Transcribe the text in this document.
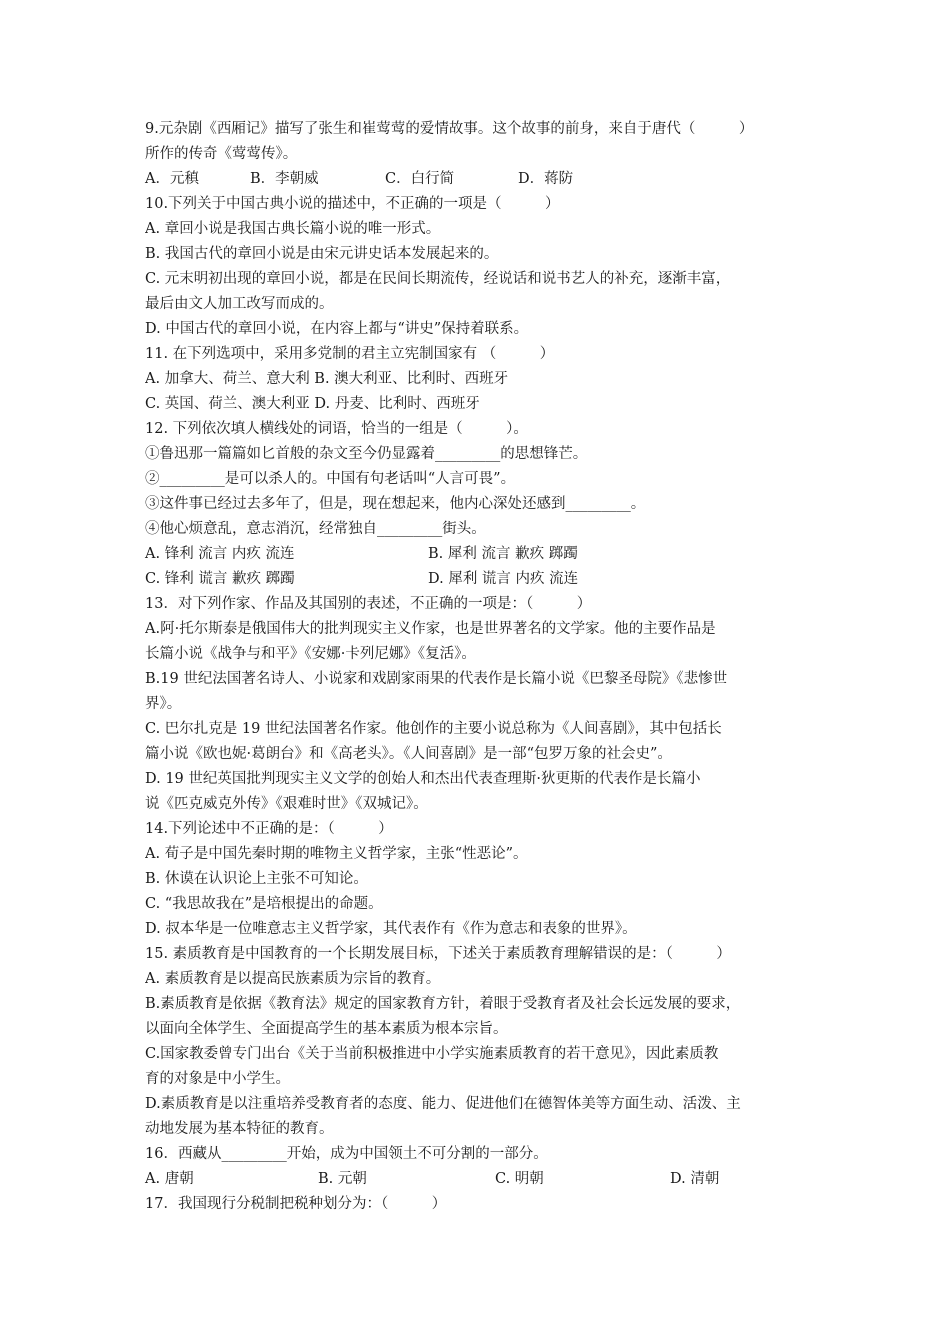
9.元杂剧《西厢记》描写了张生和崔莺莺的爱情故事。这个故事的前身，来自于唐代（　　　）
所作的传奇《莺莺传》。
A．元稹	B．李朝威	C．白行简	D．蒋防
10.下列关于中国古典小说的描述中，不正确的一项是（　　　）
A. 章回小说是我国古典长篇小说的唯一形式。
B. 我国古代的章回小说是由宋元讲史话本发展起来的。
C. 元末明初出现的章回小说，都是在民间长期流传，经说话和说书艺人的补充，逐渐丰富，
最后由文人加工改写而成的。
D. 中国古代的章回小说，在内容上都与“讲史”保持着联系。
11. 在下列选项中，采用多党制的君主立宪制国家有 （　　　）
A. 加拿大、荷兰、意大利 B. 澳大利亚、比利时、西班牙
C. 英国、荷兰、澳大利亚 D. 丹麦、比利时、西班牙
12. 下列依次填人横线处的词语，恰当的一组是（　　　）。
①鲁迅那一篇篇如匕首般的杂文至今仍显露着_________的思想锋芒。
②_________是可以杀人的。中国有句老话叫“人言可畏”。
③这件事已经过去多年了，但是，现在想起来，他内心深处还感到_________。
④他心烦意乱，意志消沉，经常独自_________街头。
A. 锋利 流言 内疚 流连	B. 犀利 流言 歉疚 踯躅
C. 锋利 谎言 歉疚 踯躅	D. 犀利 谎言 内疚 流连
13．对下列作家、作品及其国别的表述，不正确的一项是：（　　　）
A.阿·托尔斯泰是俄国伟大的批判现实主义作家，也是世界著名的文学家。他的主要作品是
长篇小说《战争与和平》《安娜·卡列尼娜》《复活》。
B.19 世纪法国著名诗人、小说家和戏剧家雨果的代表作是长篇小说《巴黎圣母院》《悲惨世
界》。
C. 巴尔扎克是 19 世纪法国著名作家。他创作的主要小说总称为《人间喜剧》，其中包括长
篇小说《欧也妮·葛朗台》和《高老头》。《人间喜剧》是一部“包罗万象的社会史”。
D. 19 世纪英国批判现实主义文学的创始人和杰出代表查理斯·狄更斯的代表作是长篇小
说《匹克威克外传》《艰难时世》《双城记》。
14.下列论述中不正确的是：（　　　）
A. 荀子是中国先秦时期的唯物主义哲学家，主张“性恶论”。
B. 休谟在认识论上主张不可知论。
C. “我思故我在”是培根提出的命题。
D. 叔本华是一位唯意志主义哲学家，其代表作有《作为意志和表象的世界》。
15. 素质教育是中国教育的一个长期发展目标，下述关于素质教育理解错误的是：（　　　）
A. 素质教育是以提高民族素质为宗旨的教育。
B.素质教育是依据《教育法》规定的国家教育方针，着眼于受教育者及社会长远发展的要求，
以面向全体学生、全面提高学生的基本素质为根本宗旨。
C.国家教委曾专门出台《关于当前积极推进中小学实施素质教育的若干意见》，因此素质教
育的对象是中小学生。
D.素质教育是以注重培养受教育者的态度、能力、促进他们在德智体美等方面生动、活泼、主
动地发展为基本特征的教育。
16．西藏从_________开始，成为中国领土不可分割的一部分。
A. 唐朝	B. 元朝	C. 明朝	D. 清朝
17．我国现行分税制把税种划分为：（　　　）
